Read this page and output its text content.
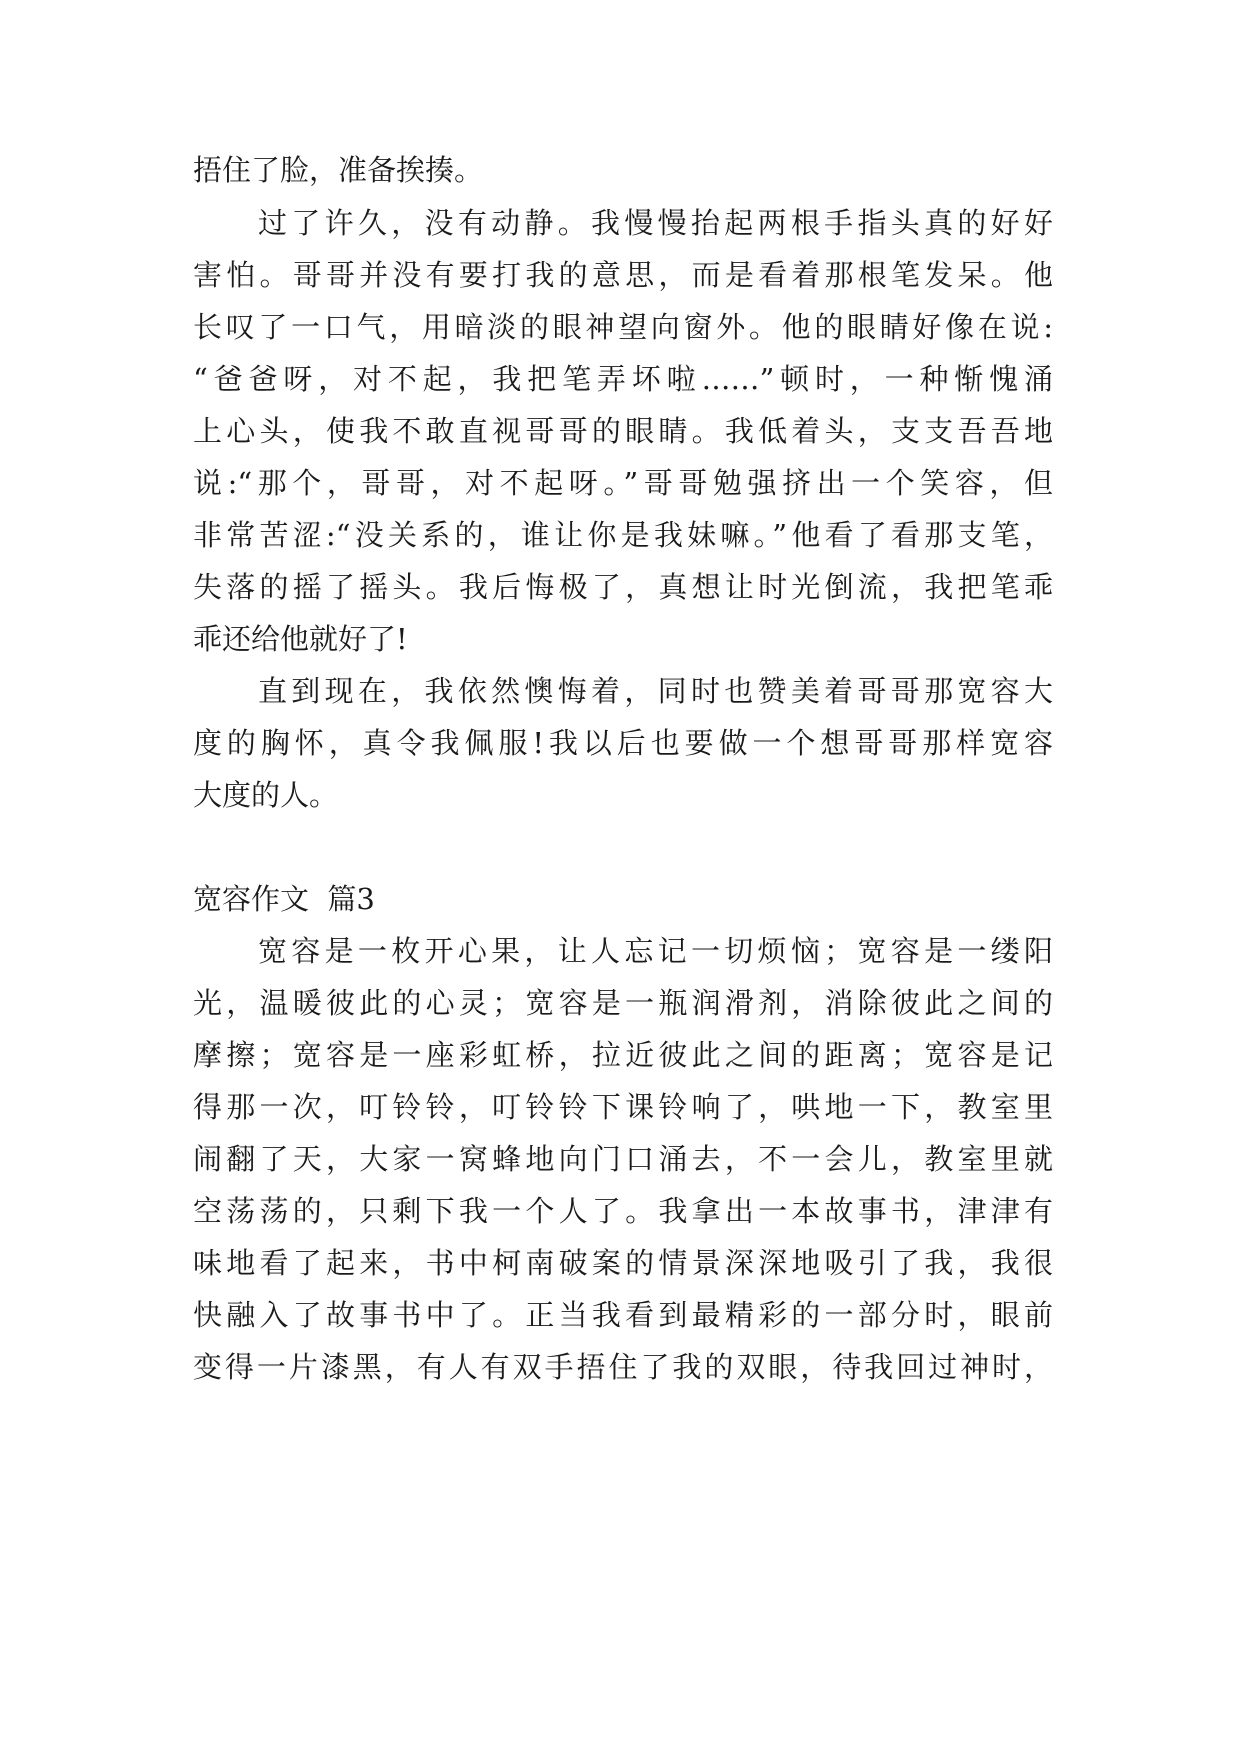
捂住了脸，准备挨揍。
过了许久，没有动静。我慢慢抬起两根手指头真的好好
害怕。哥哥并没有要打我的意思，而是看着那根笔发呆。他
长叹了一口气，用暗淡的眼神望向窗外。他的眼睛好像在说:
“爸爸呀，对不起，我把笔弄坏啦……”顿时，一种惭愧涌
上心头，使我不敢直视哥哥的眼睛。我低着头，支支吾吾地
说:“那个，哥哥，对不起呀。”哥哥勉强挤出一个笑容，但
非常苦涩:“没关系的，谁让你是我妹嘛。”他看了看那支笔，
失落的摇了摇头。我后悔极了，真想让时光倒流，我把笔乖
乖还给他就好了!
直到现在，我依然懊悔着，同时也赞美着哥哥那宽容大
度的胸怀，真令我佩服!我以后也要做一个想哥哥那样宽容
大度的人。
宽容作文  篇3
宽容是一枚开心果，让人忘记一切烦恼；宽容是一缕阳
光，温暖彼此的心灵；宽容是一瓶润滑剂，消除彼此之间的
摩擦；宽容是一座彩虹桥，拉近彼此之间的距离；宽容是记
得那一次，叮铃铃，叮铃铃下课铃响了，哄地一下，教室里
闹翻了天，大家一窝蜂地向门口涌去，不一会儿，教室里就
空荡荡的，只剩下我一个人了。我拿出一本故事书，津津有
味地看了起来，书中柯南破案的情景深深地吸引了我，我很
快融入了故事书中了。正当我看到最精彩的一部分时，眼前
变得一片漆黑，有人有双手捂住了我的双眼，待我回过神时，
